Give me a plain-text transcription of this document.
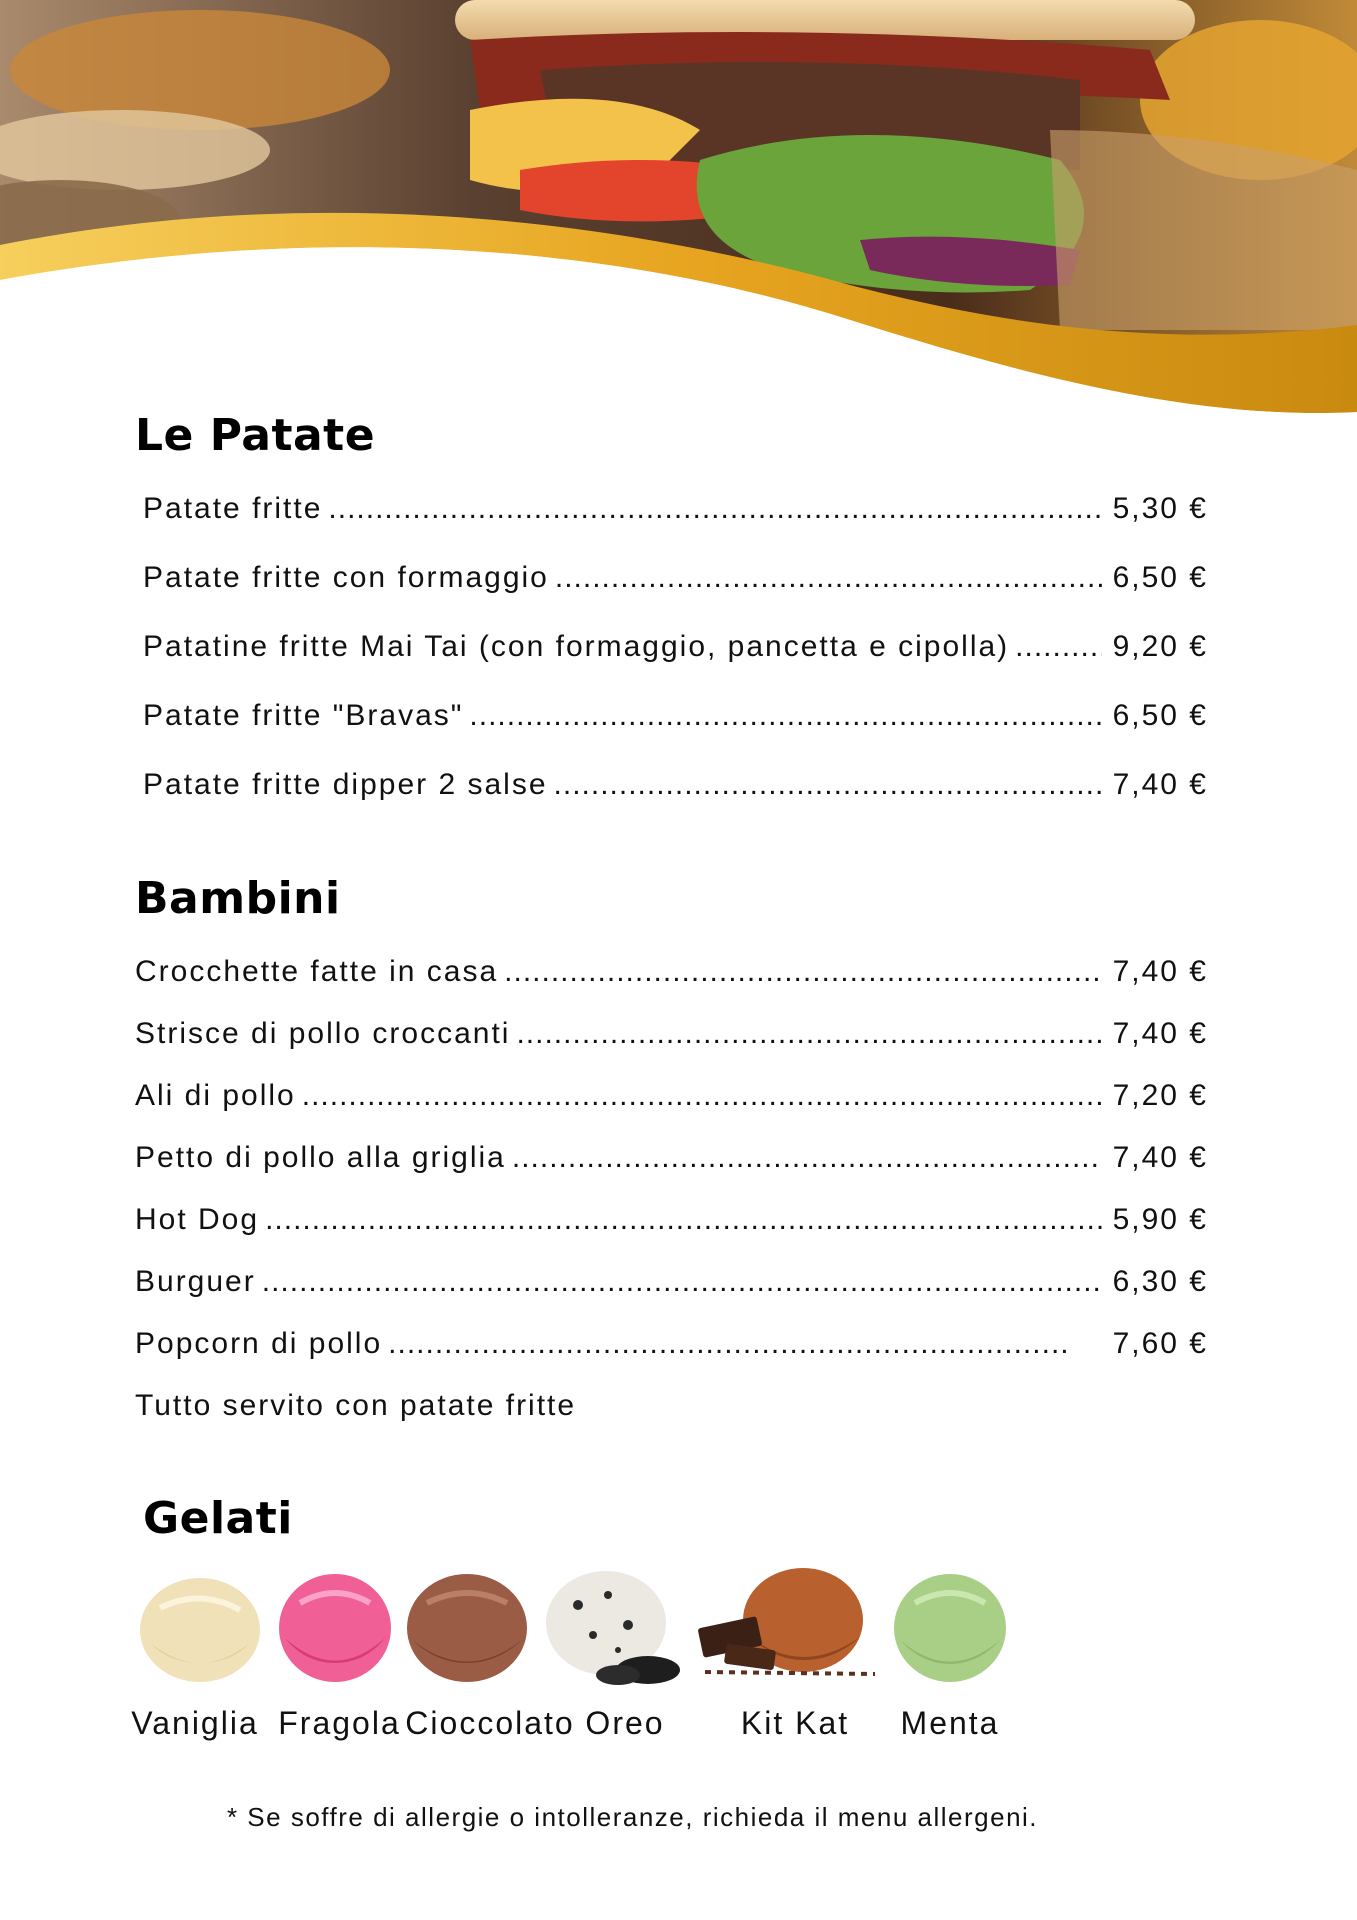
Le Patate
Patate fritte .....	5,30 €
Patate fritte con formaggio .....	6,50 €
Patatine fritte Mai Tai (con formaggio, pancetta e cipolla) .....	9,20 €
Patate fritte "Bravas" .....	6,50 €
Patate fritte dipper 2 salse .....	7,40 €
Bambini
Crocchette fatte in casa .....	7,40 €
Strisce di pollo croccanti .....	7,40 €
Ali di pollo .....	7,20 €
Petto di pollo alla griglia .....	7,40 €
Hot Dog .....	5,90 €
Burguer .....	6,30 €
Popcorn di pollo .....	7,60 €
Tutto servito con patate fritte
Gelati
Vaniglia Fragola Cioccolato Oreo	Kit Kat	Menta
* Se soffre di allergie o intolleranze, richieda il menu allergeni.
